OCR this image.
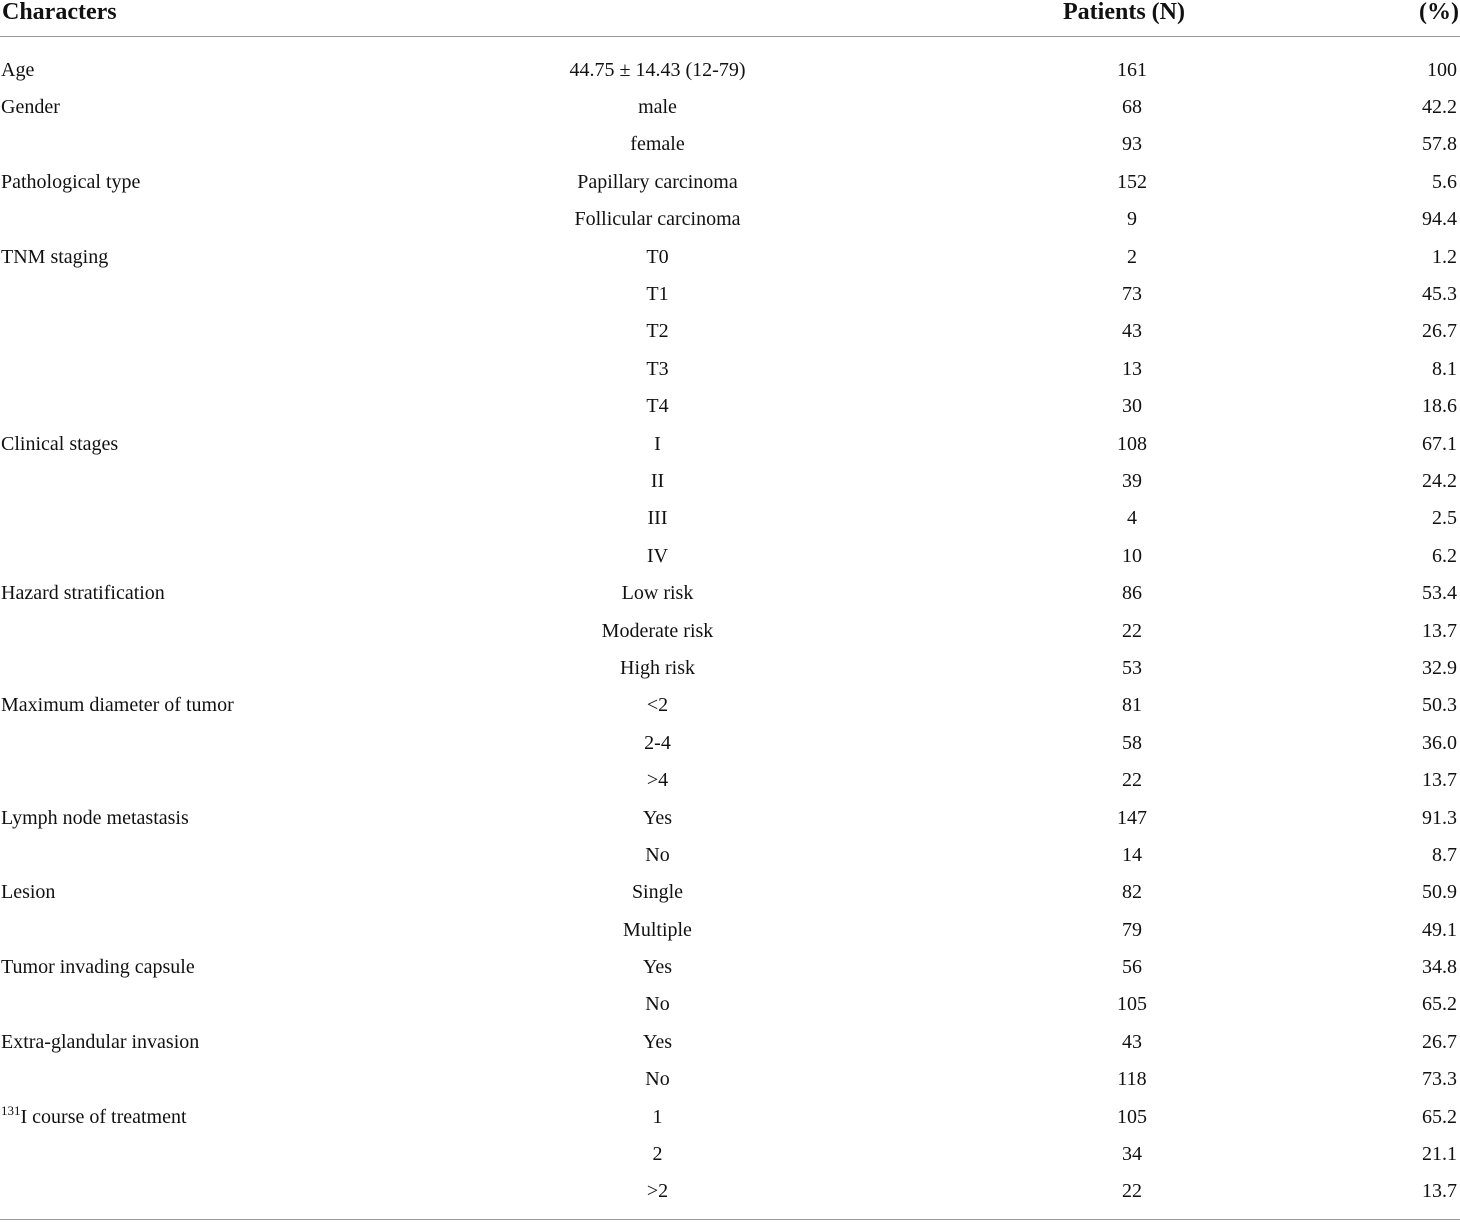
Characters		Patients (N)	(%)
Age	44.75 ± 14.43 (12-79)	161	100
Gender	male	68	42.2
	female	93	57.8
Pathological type	Papillary carcinoma	152	5.6
	Follicular carcinoma	9	94.4
TNM staging	T0	2	1.2
	T1	73	45.3
	T2	43	26.7
	T3	13	8.1
	T4	30	18.6
Clinical stages	I	108	67.1
	II	39	24.2
	III	4	2.5
	IV	10	6.2
Hazard stratification	Low risk	86	53.4
	Moderate risk	22	13.7
	High risk	53	32.9
Maximum diameter of tumor	<2	81	50.3
	2-4	58	36.0
	>4	22	13.7
Lymph node metastasis	Yes	147	91.3
	No	14	8.7
Lesion	Single	82	50.9
	Multiple	79	49.1
Tumor invading capsule	Yes	56	34.8
	No	105	65.2
Extra-glandular invasion	Yes	43	26.7
	No	118	73.3
$^{131}$I course of treatment	1	105	65.2
	2	34	21.1
	>2	22	13.7
